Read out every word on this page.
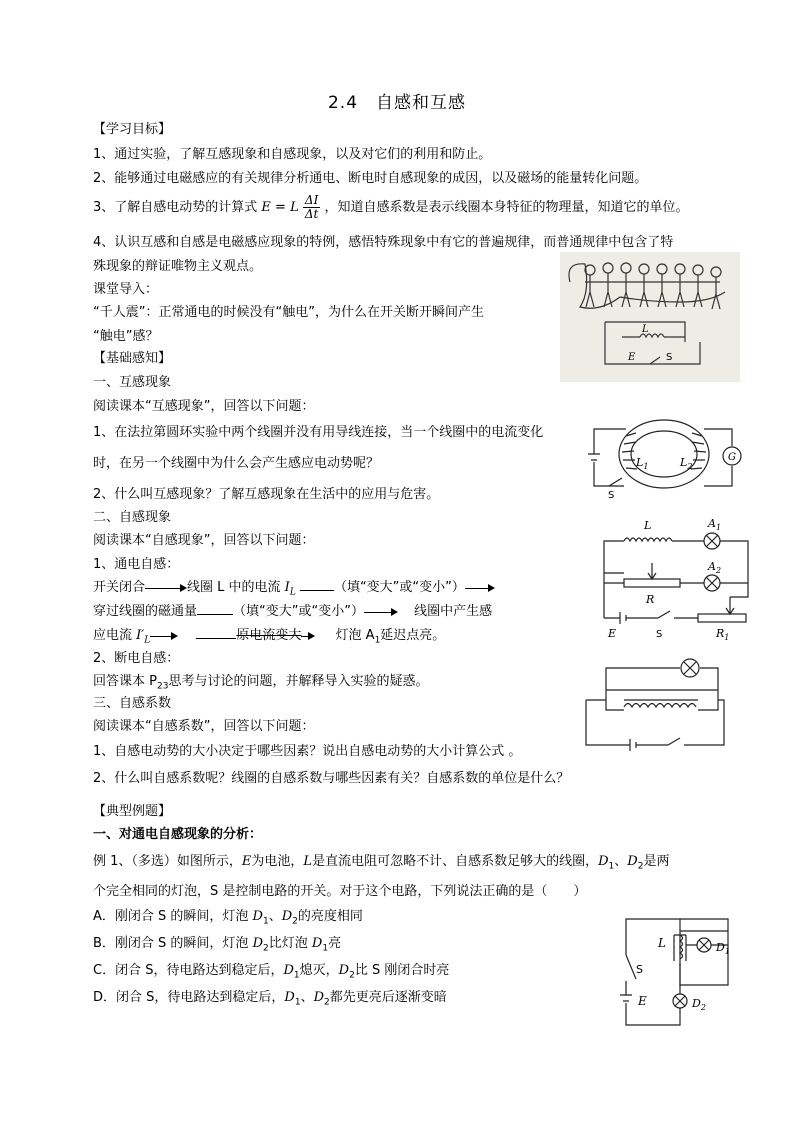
2.4　自感和互感
【学习目标】
1、通过实验，了解互感现象和自感现象，以及对它们的利用和防止。
2、能够通过电磁感应的有关规律分析通电、断电时自感现象的成因，以及磁场的能量转化问题。
3、了解自感电动势的计算式 E = L $\frac{\Delta I}{\Delta t}$ ，知道自感系数是表示线圈本身特征的物理量，知道它的单位。
4、认识互感和自感是电磁感应现象的特例，感悟特殊现象中有它的普遍规律，而普通规律中包含了特
殊现象的辩证唯物主义观点。
课堂导入：
“千人震”：正常通电的时候没有“触电”，为什么在开关断开瞬间产生
“触电”感？
【基础感知】
一、互感现象
阅读课本“互感现象”，回答以下问题：
1、在法拉第圆环实验中两个线圈并没有用导线连接，当一个线圈中的电流变化
时，在另一个线圈中为什么会产生感应电动势呢？
2、什么叫互感现象？了解互感现象在生活中的应用与危害。
二、自感现象
阅读课本“自感现象”，回答以下问题：
1、通电自感：
开关闭合	线圈 L 中的电流 $I_L$	（填“变大”或“变小”）
穿过线圈的磁通量	（填“变大”或“变小”）	线圈中产生感
应电流 $I'_L$	原电流变大	灯泡 $A_1$延迟点亮。
2、断电自感：
回答课本 $P_{23}$思考与讨论的问题，并解释导入实验的疑惑。
三、自感系数
阅读课本“自感系数”，回答以下问题：
1、自感电动势的大小决定于哪些因素？说出自感电动势的大小计算公式 。
2、什么叫自感系数呢？线圈的自感系数与哪些因素有关？自感系数的单位是什么？
【典型例题】
一、对通电自感现象的分析：
例 1、（多选）如图所示，E为电池，L是直流电阻可忽略不计、自感系数足够大的线圈，$D_1$、$D_2$是两
个完全相同的灯泡，S 是控制电路的开关。对于这个电路，下列说法正确的是（　　）
A．刚闭合 S 的瞬间，灯泡 $D_1$、$D_2$的亮度相同
B．刚闭合 S 的瞬间，灯泡 $D_2$比灯泡 $D_1$亮
C．闭合 S，待电路达到稳定后，$D_1$熄灭，$D_2$比 S 刚闭合时亮
D．闭合 S，待电路达到稳定后，$D_1$、$D_2$都先更亮后逐渐变暗
L
E	S
$L_1$	$L_2$
G
S
L	$A_1$
$A_2$
R
E	S	$R_1$
L	$D_1$
$D_2$
S
E
